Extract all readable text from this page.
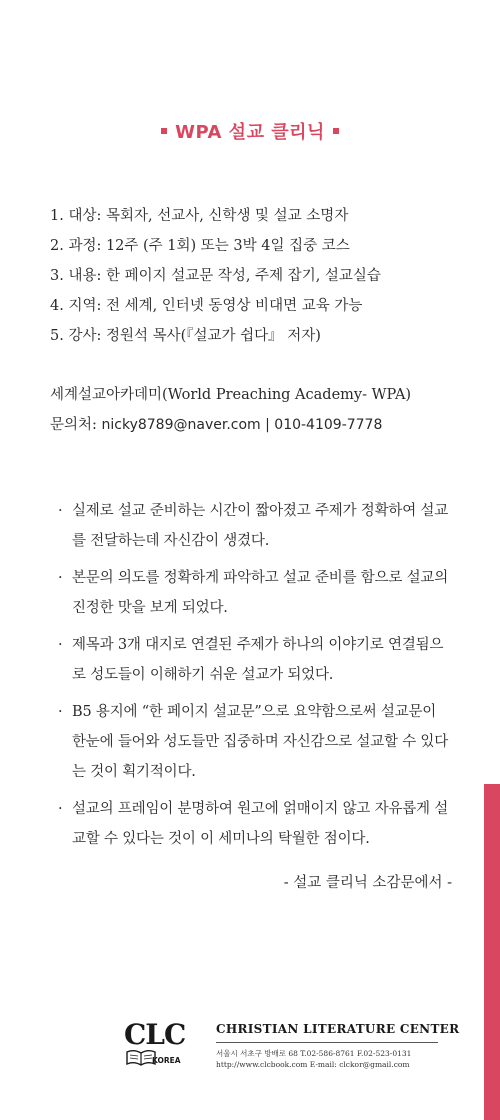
WPA 설교 클리닉
1. 대상: 목회자, 선교사, 신학생 및 설교 소명자
2. 과정: 12주 (주 1회) 또는 3박 4일 집중 코스
3. 내용: 한 페이지 설교문 작성, 주제 잡기, 설교실습
4. 지역: 전 세계, 인터넷 동영상 비대면 교육 가능
5. 강사: 정원석 목사(『설교가 쉽다』 저자)
세계설교아카데미(World Preaching Academy- WPA)
문의처: nicky8789@naver.com | 010-4109-7778
· 실제로 설교 준비하는 시간이 짧아졌고 주제가 정확하여 설교를 전달하는데 자신감이 생겼다.
· 본문의 의도를 정확하게 파악하고 설교 준비를 함으로 설교의 진정한 맛을 보게 되었다.
· 제목과 3개 대지로 연결된 주제가 하나의 이야기로 연결됨으로 성도들이 이해하기 쉬운 설교가 되었다.
· B5 용지에 “한 페이지 설교문”으로 요약함으로써 설교문이 한눈에 들어와 성도들만 집중하며 자신감으로 설교할 수 있다는 것이 획기적이다.
· 설교의 프레임이 분명하여 원고에 얽매이지 않고 자유롭게 설교할 수 있다는 것이 이 세미나의 탁월한 점이다.
- 설교 클리닉 소감문에서 -
CLC
KOREA
CHRISTIAN LITERATURE CENTER
서울시 서초구 방배로 68 T.02-586-8761 F.02-523-0131
http://www.clcbook.com E-mail: clckor@gmail.com
